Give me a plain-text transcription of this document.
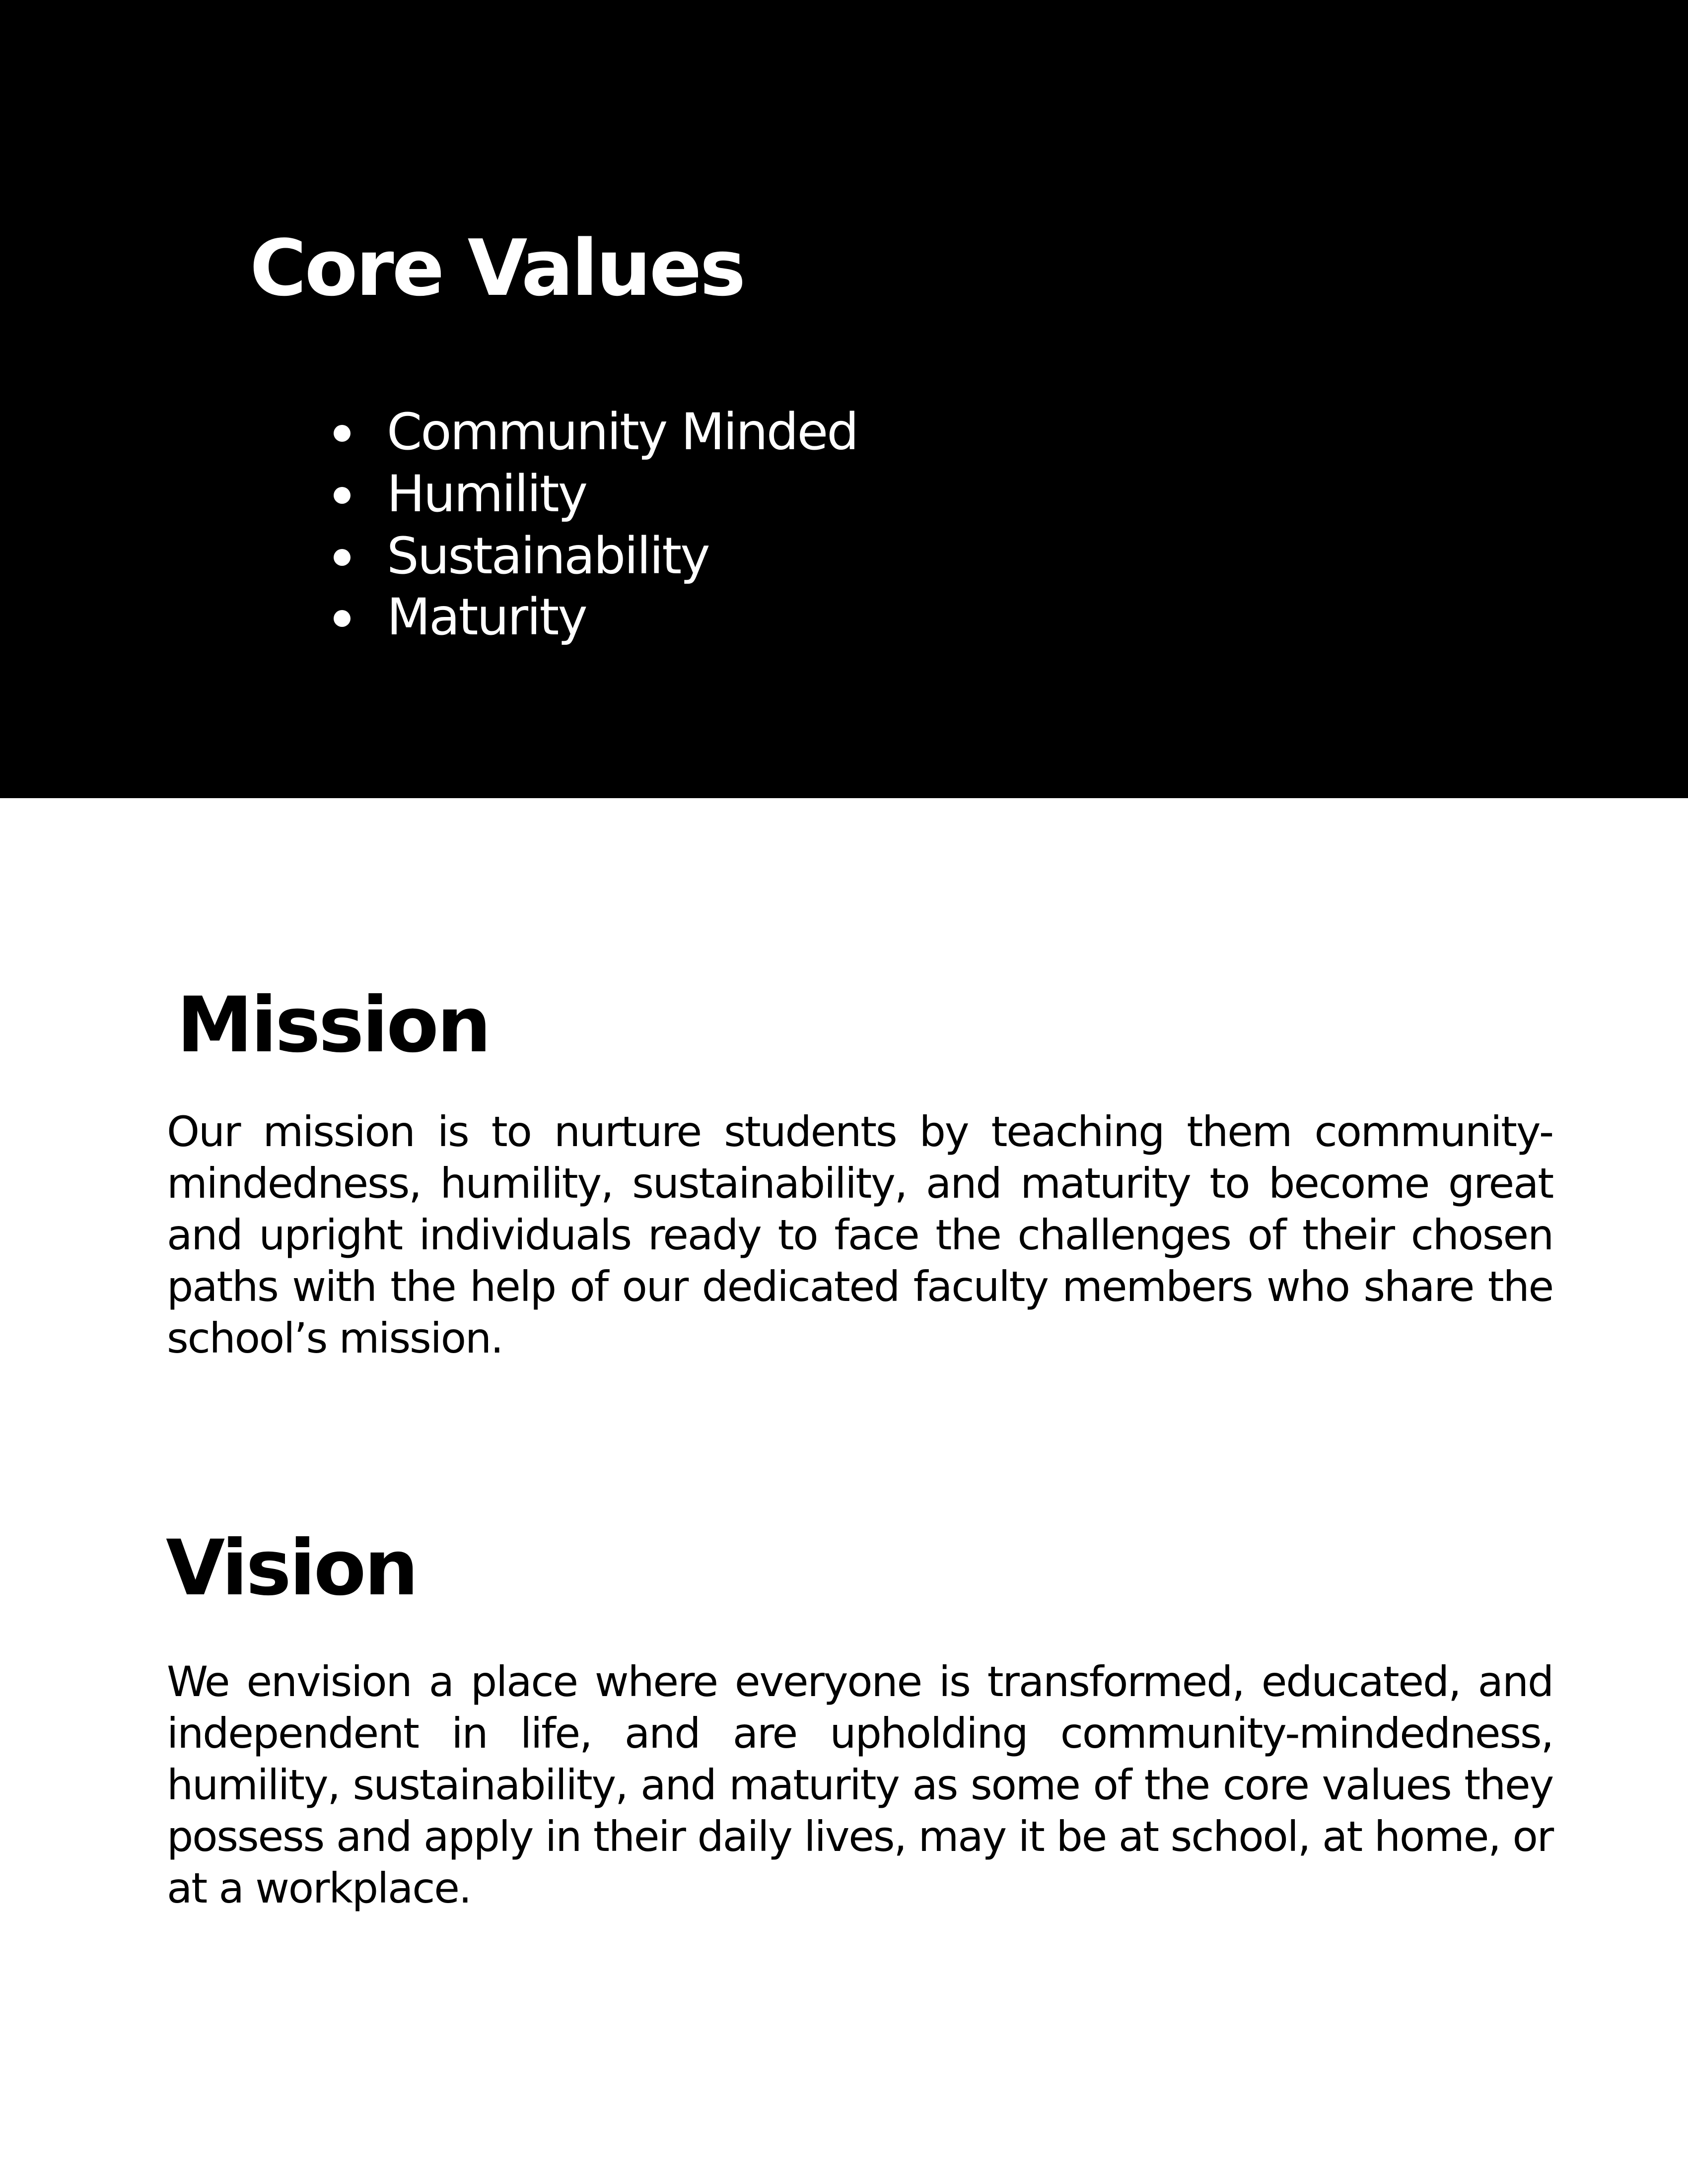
Core Values
Community Minded
Humility
Sustainability
Maturity
Mission
Our mission is to nurture students by teaching them community-
mindedness, humility, sustainability, and maturity to become great
and upright individuals ready to face the challenges of their chosen
paths with the help of our dedicated faculty members who share the
school’s mission.
Vision
We envision a place where everyone is transformed, educated, and
independent in life, and are upholding community-mindedness,
humility, sustainability, and maturity as some of the core values they
possess and apply in their daily lives, may it be at school, at home, or
at a workplace.
